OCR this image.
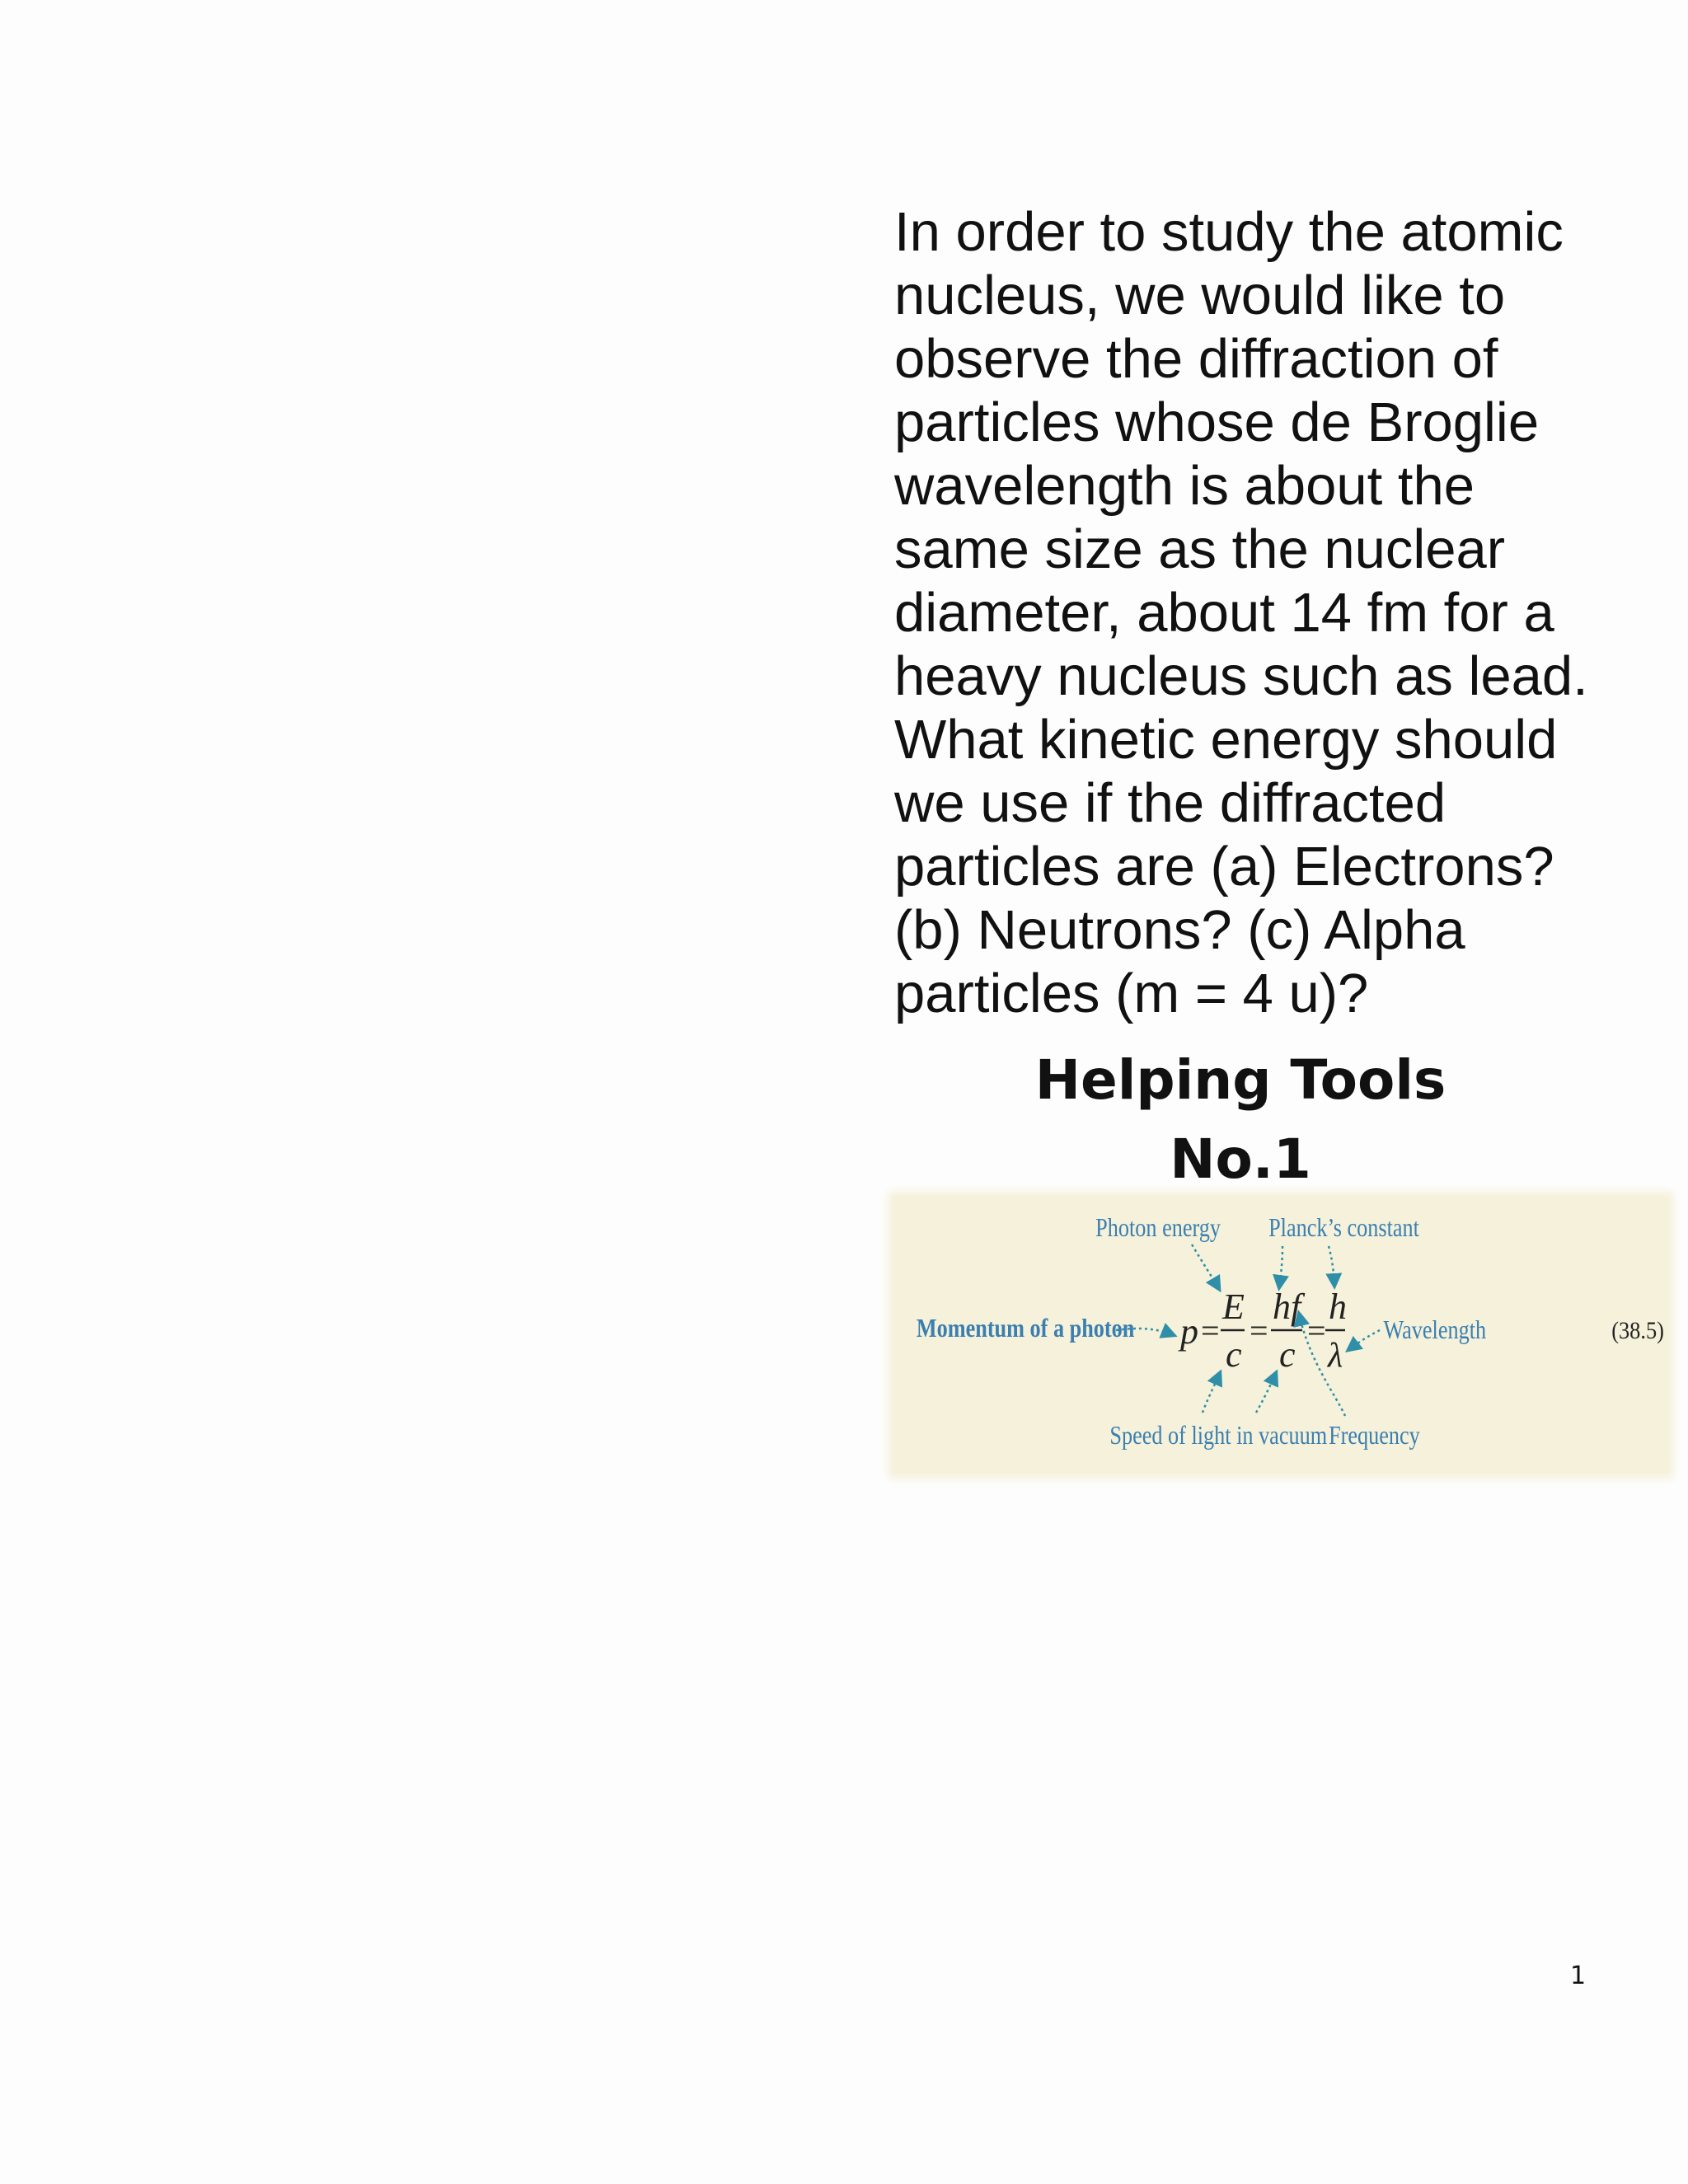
In order to study the atomic
nucleus, we would like to
observe the diffraction of
particles whose de Broglie
wavelength is about the
same size as the nuclear
diameter, about 14 fm for a
heavy nucleus such as lead.
What kinetic energy should
we use if the diffracted
particles are (a) Electrons?
(b) Neutrons? (c) Alpha
particles (m = 4 u)?
Helping Tools
No.1
Photon energy Planck’s constant
Momentum of a photon p =
E
c
=
hf
c
=
h
λ
Wavelength	(38.5)
Speed of light in vacuum Frequency
1
